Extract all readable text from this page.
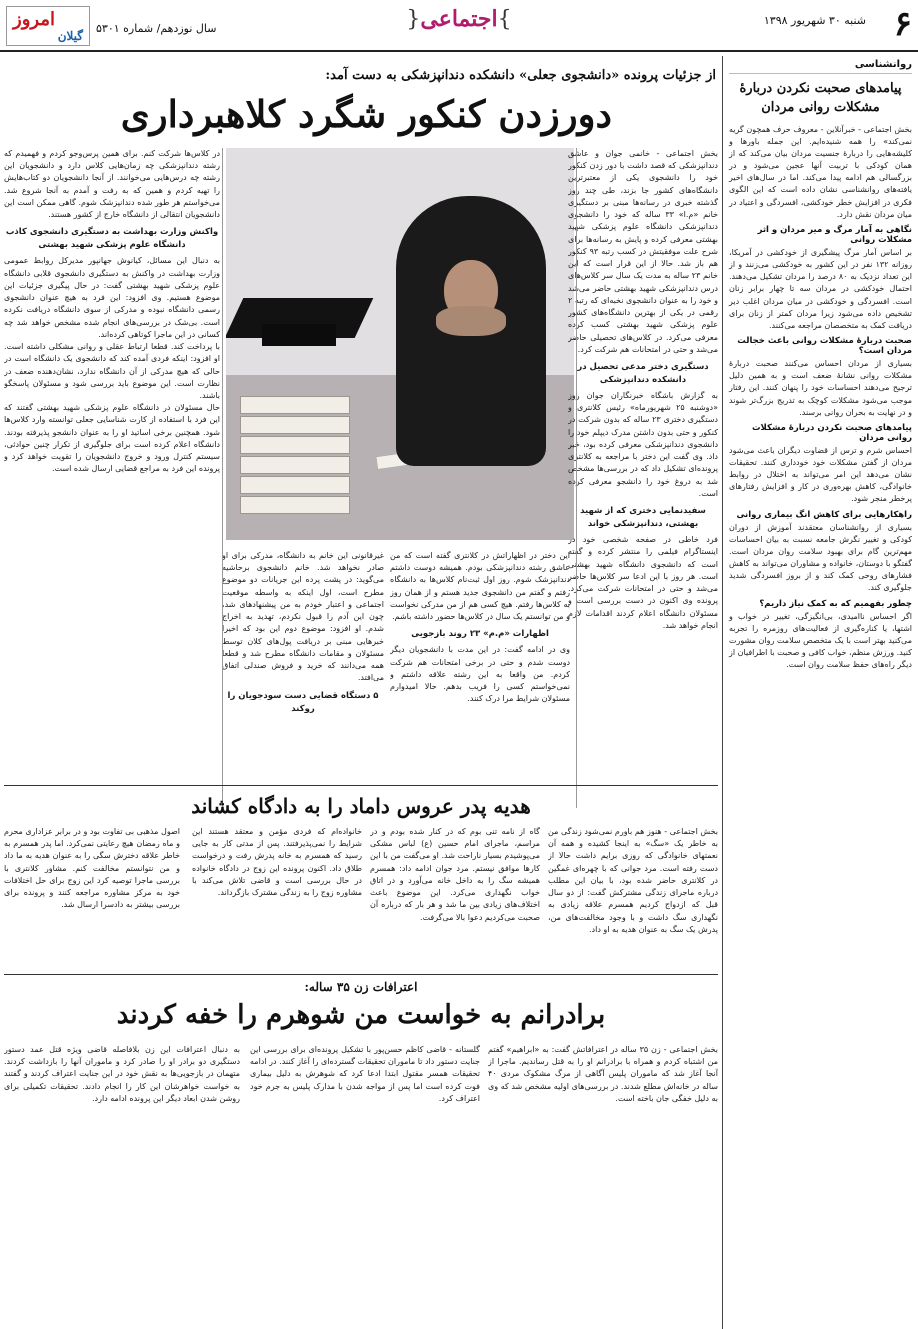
۶
شنبه ۳۰ شهریور ۱۳۹۸
}اجتماعی{
سال نوزدهم/ شماره ۵۳۰۱
امروز
گیلان
روانشناسی
پیامدهای صحبت نکردن دربارهٔ مشکلات روانی مردان

بخش اجتماعی - خبرآنلاین - معروف حرف همچون گریه نمی‌کند» را همه شنیده‌ایم. این جمله باورها و کلیشه‌هایی را دربارهٔ جنسیت مردان بیان می‌کند که از همان کودکی با تربیت آنها عجین می‌شود و در بزرگسالی هم ادامه پیدا می‌کند. اما در سال‌های اخیر یافته‌های روانشناسی نشان داده است که این الگوی فکری در افزایش خطر خودکشی، افسردگی و اعتیاد در میان مردان نقش دارد.

نگاهی به آمار مرگ و میر مردان و اثر مشکلات روانی

بر اساس آمار مرگ پیشگیری از خودکشی در آمریکا، روزانه ۱۳۲ نفر در این کشور به خودکشی می‌زنند و از این تعداد نزدیک به ۸۰ درصد را مردان تشکیل می‌دهند. احتمال خودکشی در مردان سه تا چهار برابر زنان است. افسردگی و خودکشی در میان مردان اغلب دیر تشخیص داده می‌شود زیرا مردان کمتر از زنان برای دریافت کمک به متخصصان مراجعه می‌کنند.

صحبت دربارهٔ مشکلات روانی باعث خجالت مردان است؟

بسیاری از مردان احساس می‌کنند صحبت دربارهٔ مشکلات روانی نشانهٔ ضعف است و به همین دلیل ترجیح می‌دهند احساسات خود را پنهان کنند. این رفتار موجب می‌شود مشکلات کوچک به تدریج بزرگ‌تر شوند و در نهایت به بحران روانی برسند.

پیامدهای صحبت نکردن دربارهٔ مشکلات روانی مردان

احساس شرم و ترس از قضاوت دیگران باعث می‌شود مردان از گفتن مشکلات خود خودداری کنند. تحقیقات نشان می‌دهد این امر می‌تواند به اختلال در روابط خانوادگی، کاهش بهره‌وری در کار و افزایش رفتارهای پرخطر منجر شود.

راهکارهایی برای کاهش انگ بیماری روانی

بسیاری از روانشناسان معتقدند آموزش از دوران کودکی و تغییر نگرش جامعه نسبت به بیان احساسات مهم‌ترین گام برای بهبود سلامت روان مردان است. گفتگو با دوستان، خانواده و مشاوران می‌تواند به کاهش فشارهای روحی کمک کند و از بروز افسردگی شدید جلوگیری کند.

چطور بفهمیم که به کمک نیاز داریم؟

اگر احساس ناامیدی، بی‌انگیزگی، تغییر در خواب و اشتها، یا کناره‌گیری از فعالیت‌های روزمره را تجربه می‌کنید بهتر است با یک متخصص سلامت روان مشورت کنید. ورزش منظم، خواب کافی و صحبت با اطرافیان از دیگر راه‌های حفظ سلامت روان است.

از جزئیات پرونده «دانشجوی جعلی» دانشکده دندانپزشکی به دست آمد:
دورزدن کنکور شگرد کلاهبرداری

بخش اجتماعی - خانمی جوان و عاشق دندانپزشکی که قصد داشت با دور زدن کنکور خود را دانشجوی یکی از معتبرترین دانشگاه‌های کشور جا بزند، طی چند روز گذشته خبری در رسانه‌ها مبنی بر دستگیری خانم «م.ا» ۳۳ ساله که خود را دانشجوی دندانپزشکی دانشگاه علوم پزشکی شهید بهشتی معرفی کرده و پایش به رسانه‌ها برای شرح علت موفقیتش در کسب رتبه ۹۳ کنکور هم باز شد. حالا از این قرار است که این خانم ۲۳ ساله به مدت یک سال سر کلاس‌های درس دندانپزشکی شهید بهشتی حاضر می‌شد و خود را به عنوان دانشجوی نخبه‌ای که رتبه ۲ رقمی در یکی از بهترین دانشگاه‌های کشور علوم پزشکی شهید بهشتی کسب کرده معرفی می‌کرد. در کلاس‌های تحصیلی حاضر می‌شد و حتی در امتحانات هم شرکت کرد.

دستگیری دختر مدعی تحصیل در دانشکده دندانپزشکی

به گزارش باشگاه خبرنگاران جوان روز «دوشنبه ۲۵ شهریورماه» رئیس کلانتری و دستگیری دختری ۲۳ ساله که بدون شرکت در کنکور و حتی بدون داشتن مدرک دیپلم خود را دانشجوی دندانپزشکی معرفی کرده بود، خبر داد. وی گفت این دختر با مراجعه به کلانتری پرونده‌ای تشکیل داد که در بررسی‌ها مشخص شد به دروغ خود را دانشجو معرفی کرده است.

سفیدنمایی دختری که از شهید بهشتی، دندانپزشکی خواند

فرد خاطی در صفحه شخصی خود در اینستاگرام فیلمی را منتشر کرده و گفته است که دانشجوی دانشگاه شهید بهشتی است. هر روز با این ادعا سر کلاس‌ها حاضر می‌شد و حتی در امتحانات شرکت می‌کرد. پرونده وی اکنون در دست بررسی است و مسئولان دانشگاه اعلام کردند اقدامات لازم انجام خواهد شد.

این دختر در اظهاراتش در کلانتری گفته است که من عاشق رشته دندانپزشکی بودم. همیشه دوست داشتم دندانپزشک شوم. روز اول ثبت‌نام کلاس‌ها به دانشگاه رفتم و گفتم من دانشجوی جدید هستم و از همان روز به کلاس‌ها رفتم. هیچ کسی هم از من مدرکی نخواست و من توانستم یک سال در کلاس‌ها حضور داشته باشم.

اظهارات «م.م» ۲۳ روند بازجویی

وی در ادامه گفت: در این مدت با دانشجویان دیگر دوست شدم و حتی در برخی امتحانات هم شرکت کردم. من واقعا به این رشته علاقه داشتم و نمی‌خواستم کسی را فریب بدهم. حالا امیدوارم مسئولان شرایط مرا درک کنند.

غیرقانونی این خانم به دانشگاه، مدرکی برای او صادر نخواهد شد. خانم دانشجوی برحاشیه می‌گوید: در پشت پرده این جریانات دو موضوع مطرح است، اول اینکه به واسطه موقعیت اجتماعی و اعتبار خودم به من پیشنهادهای شد، چون این آدم را قبول نکردم، تهدید به اخراج شدم. او افزود: موضوع دوم این بود که اخیرا خبرهایی مبنی بر دریافت پول‌های کلان توسط مسئولان و مقامات دانشگاه مطرح شد و قطعا همه می‌دانند که خرید و فروش صندلی اتفاق می‌افتد.

۵ دستگاه قضایی دست سودجویان را روکند

در کلاس‌ها شرکت کنم. برای همین پرس‌وجو کردم و فهمیدم که رشته دندانپزشکی چه زمان‌هایی کلاس دارد و دانشجویان این رشته چه درس‌هایی می‌خوانند. از آنجا دانشجویان دو کتاب‌هایش را تهیه کردم و همین که به رفت و آمدم به آنجا شروع شد. می‌خواستم هر طور شده دندانپزشک شوم. گاهی ممکن است این دانشجویان انتقالی از دانشگاه خارج از کشور هستند.

واکنش وزارت بهداشت به دستگیری دانشجوی کاذب دانشگاه علوم پزشکی شهید بهشتی

به دنبال این مسائل، کیانوش جهانپور مدیرکل روابط عمومی وزارت بهداشت در واکنش به دستگیری دانشجوی قلابی دانشگاه علوم پزشکی شهید بهشتی گفت: در حال پیگیری جزئیات این موضوع هستیم. وی افزود: این فرد به هیچ عنوان دانشجوی رسمی دانشگاه نبوده و مدرکی از سوی دانشگاه دریافت نکرده است. بی‌شک در بررسی‌های انجام شده مشخص خواهد شد چه کسانی در این ماجرا کوتاهی کرده‌اند.

با پرداخت کند. قطعا ارتباط عقلی و روانی مشکلی داشته است. او افزود: اینکه فردی آمده کند که دانشجوی یک دانشگاه است در حالی که هیچ مدرکی از آن دانشگاه ندارد، نشان‌دهنده ضعف در نظارت است. این موضوع باید بررسی شود و مسئولان پاسخگو باشند.

حال مسئولان در دانشگاه علوم پزشکی شهید بهشتی گفتند که این فرد با استفاده از کارت شناسایی جعلی توانسته وارد کلاس‌ها شود. همچنین برخی اساتید او را به عنوان دانشجو پذیرفته بودند. دانشگاه اعلام کرده است برای جلوگیری از تکرار چنین حوادثی، سیستم کنترل ورود و خروج دانشجویان را تقویت خواهد کرد و پرونده این فرد به مراجع قضایی ارسال شده است.

هدیه پدر عروس داماد را به دادگاه کشاند

بخش اجتماعی - هنوز هم باورم نمی‌شود زندگی من به خاطر یک «سگ» به اینجا کشیده و همه آن نعمتهای خانوادگی که روزی برایم داشت حالا از دست رفته است. مرد جوانی که با چهره‌ای غمگین در کلانتری حاضر شده بود، با بیان این مطلب درباره ماجرای زندگی مشترکش گفت: از دو سال قبل که ازدواج کردیم همسرم علاقه زیادی به نگهداری سگ داشت و با وجود مخالفت‌های من، پدرش یک سگ به عنوان هدیه به او داد.

گاه از نامه تنی بوم که در کنار شده بودم و در مراسم، ماجرای امام حسین (ع) لباس مشکی می‌پوشیدم بسیار ناراحت شد. او می‌گفت من با این کارها موافق نیستم. مرد جوان ادامه داد: همسرم همیشه سگ را به داخل خانه می‌آورد و در اتاق خواب نگهداری می‌کرد. این موضوع باعث اختلاف‌های زیادی بین ما شد و هر بار که درباره آن صحبت می‌کردیم دعوا بالا می‌گرفت.

خانواده‌ام که فردی مؤمن و معتقد هستند این شرایط را نمی‌پذیرفتند. پس از مدتی کار به جایی رسید که همسرم به خانه پدرش رفت و درخواست طلاق داد. اکنون پرونده این زوج در دادگاه خانواده در حال بررسی است و قاضی تلاش می‌کند با مشاوره زوج را به زندگی مشترک بازگرداند.

اصول مذهبی بی تفاوت بود و در برابر عزاداری محرم و ماه رمضان هیچ رعایتی نمی‌کرد. اما پدر همسرم به خاطر علاقه دخترش سگی را به عنوان هدیه به ما داد و من نتوانستم مخالفت کنم. مشاور کلانتری با بررسی ماجرا توصیه کرد این زوج برای حل اختلافات خود به مرکز مشاوره مراجعه کنند و پرونده برای بررسی بیشتر به دادسرا ارسال شد.

اعترافات زن ۳۵ ساله:
برادرانم به خواست من شوهرم را خفه کردند

بخش اجتماعی - زن ۳۵ ساله در اعترافاتش گفت: به «ابراهیم» گفتم من اشتباه کردم و همراه با برادرانم او را به قتل رساندیم. ماجرا از آنجا آغاز شد که ماموران پلیس آگاهی از مرگ مشکوک مردی ۴۰ ساله در خانه‌اش مطلع شدند. در بررسی‌های اولیه مشخص شد که وی به دلیل خفگی جان باخته است.

گلستانه - قاضی کاظم حسن‌پور با تشکیل پرونده‌ای برای بررسی این جنایت دستور داد تا ماموران تحقیقات گسترده‌ای را آغاز کنند. در ادامه تحقیقات همسر مقتول ابتدا ادعا کرد که شوهرش به دلیل بیماری فوت کرده است اما پس از مواجه شدن با مدارک پلیس به جرم خود اعتراف کرد.

به دنبال اعترافات این زن بلافاصله قاضی ویژه قتل عمد دستور دستگیری دو برادر او را صادر کرد و ماموران آنها را بازداشت کردند. متهمان در بازجویی‌ها به نقش خود در این جنایت اعتراف کردند و گفتند به خواست خواهرشان این کار را انجام دادند. تحقیقات تکمیلی برای روشن شدن ابعاد دیگر این پرونده ادامه دارد.
